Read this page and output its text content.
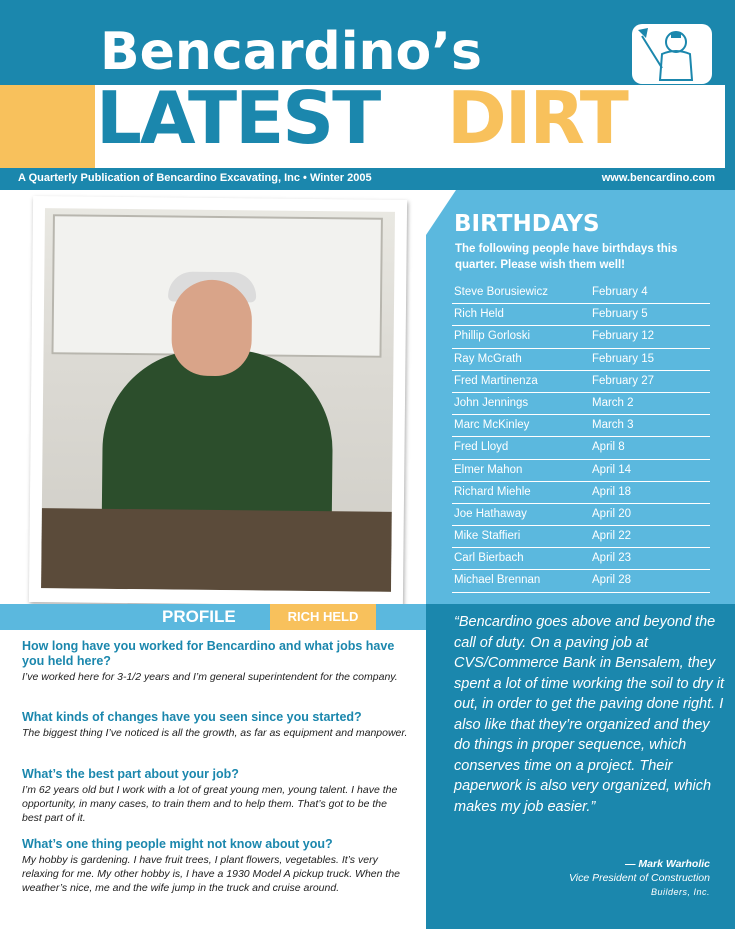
Bencardino’s
LATEST DIRT
A Quarterly Publication of Bencardino Excavating, Inc • Winter 2005	www.bencardino.com
BIRTHDAYS
The following people have birthdays this quarter. Please wish them well!
Steve Borusiewicz	February 4
Rich Held	February 5
Phillip Gorloski	February 12
Ray McGrath	February 15
Fred Martinenza	February 27
John Jennings	March 2
Marc McKinley	March 3
Fred Lloyd	April 8
Elmer Mahon	April 14
Richard Miehle	April 18
Joe Hathaway	April 20
Mike Staffieri	April 22
Carl Bierbach	April 23
Michael Brennan	April 28
PROFILE	RICH HELD
How long have you worked for Bencardino and what jobs have you held here?
I’ve worked here for 3-1/2 years and I’m general superintendent for the company.
What kinds of changes have you seen since you started?
The biggest thing I’ve noticed is all the growth, as far as equipment and manpower.
What’s the best part about your job?
I’m 62 years old but I work with a lot of great young men, young talent. I have the opportunity, in many cases, to train them and to help them. That’s got to be the best part of it.
What’s one thing people might not know about you?
My hobby is gardening. I have fruit trees, I plant flowers, vegetables. It’s very relaxing for me. My other hobby is, I have a 1930 Model A pickup truck. When the weather’s nice, me and the wife jump in the truck and cruise around.
“Bencardino goes above and beyond the call of duty. On a paving job at CVS/Commerce Bank in Bensalem, they spent a lot of time working the soil to dry it out, in order to get the paving done right. I also like that they’re organized and they do things in proper sequence, which conserves time on a project. Their paperwork is also very organized, which makes my job easier.”
— Mark Warholic
Vice President of Construction
Builders, Inc.
